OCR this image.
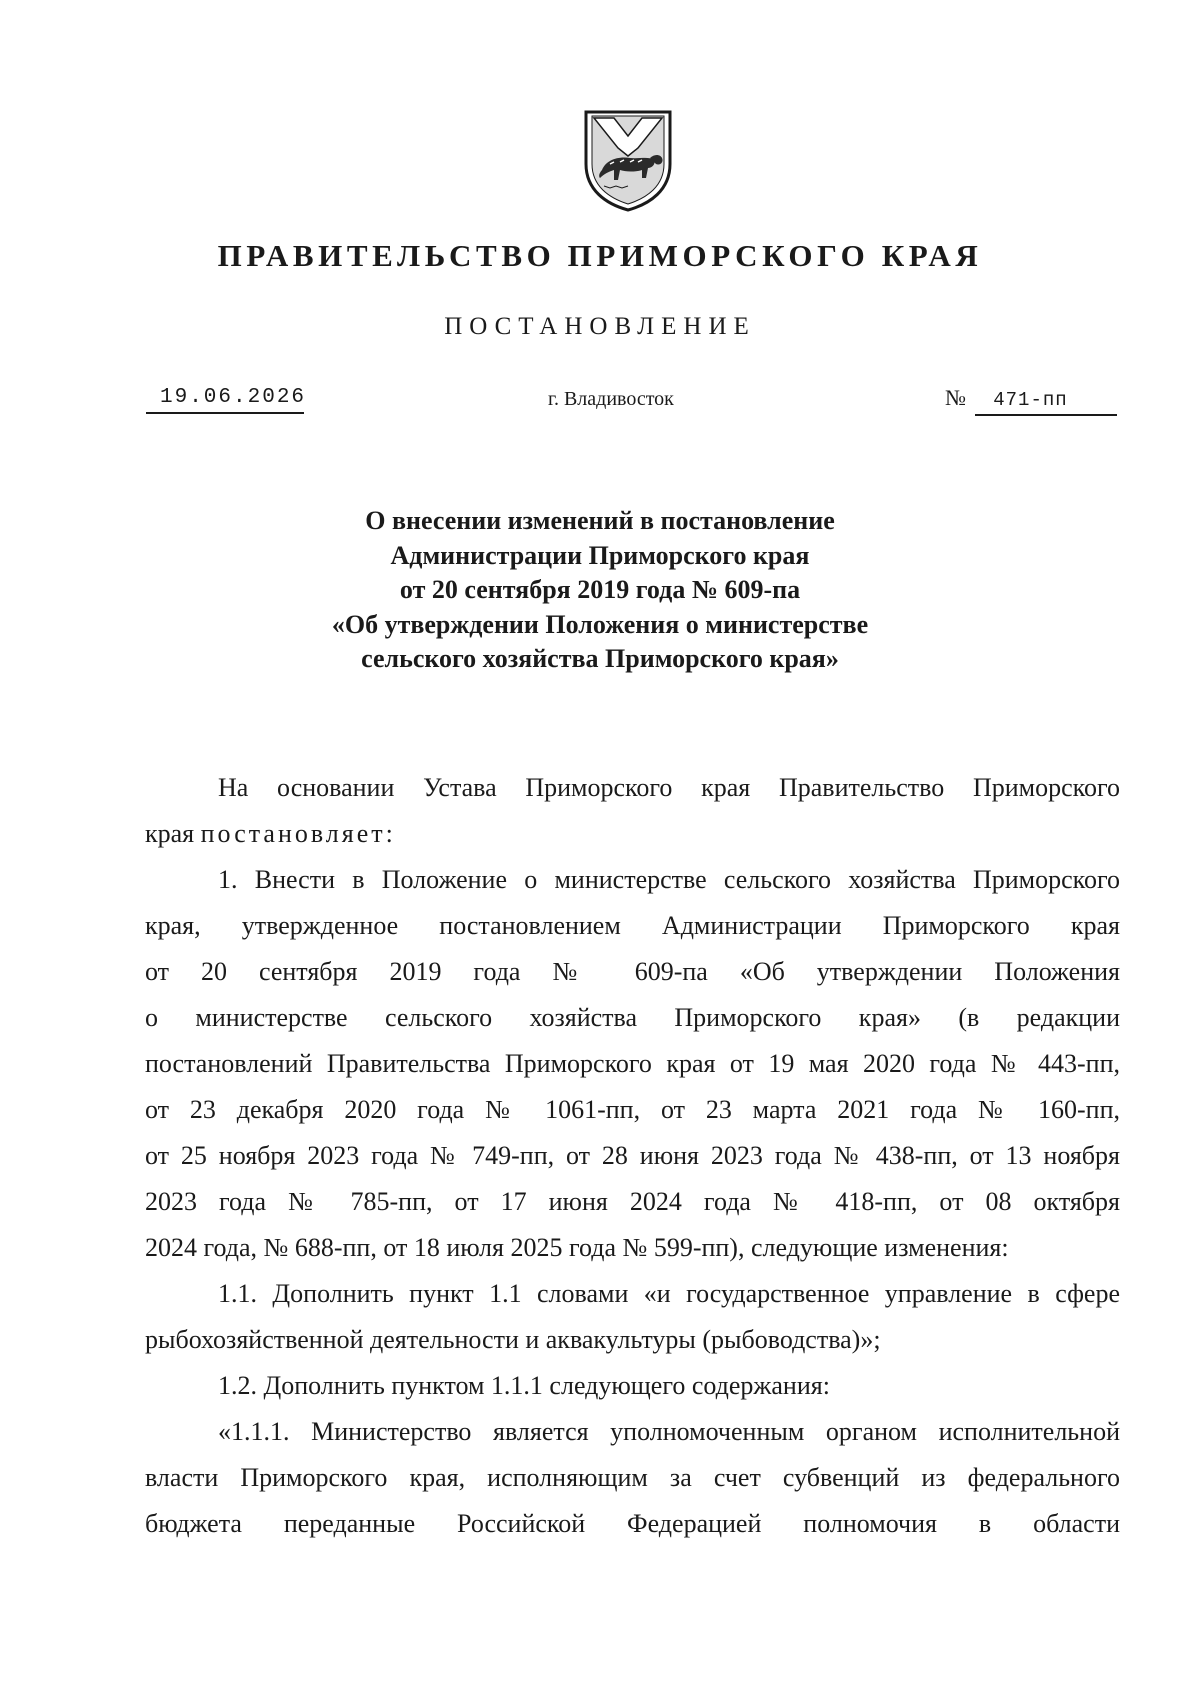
ПРАВИТЕЛЬСТВО ПРИМОРСКОГО КРАЯ
ПОСТАНОВЛЕНИЕ
19.06.2026	г. Владивосток	№ 471-пп
О внесении изменений в постановление
Администрации Приморского края
от 20 сентября 2019 года № 609-па
«Об утверждении Положения о министерстве
сельского хозяйства Приморского края»
На основании Устава Приморского края Правительство Приморского
края постановляет:
1. Внести в Положение о министерстве сельского хозяйства Приморского
края, утвержденное постановлением Администрации Приморского края
от 20 сентября 2019 года № 609-па «Об утверждении Положения
о министерстве сельского хозяйства Приморского края» (в редакции
постановлений Правительства Приморского края от 19 мая 2020 года № 443-пп,
от 23 декабря 2020 года № 1061-пп, от 23 марта 2021 года № 160-пп,
от 25 ноября 2023 года № 749-пп, от 28 июня 2023 года № 438-пп, от 13 ноября
2023 года № 785-пп, от 17 июня 2024 года № 418-пп, от 08 октября
2024 года, № 688-пп, от 18 июля 2025 года № 599-пп), следующие изменения:
1.1. Дополнить пункт 1.1 словами «и государственное управление в сфере
рыбохозяйственной деятельности и аквакультуры (рыбоводства)»;
1.2. Дополнить пунктом 1.1.1 следующего содержания:
«1.1.1. Министерство является уполномоченным органом исполнительной
власти Приморского края, исполняющим за счет субвенций из федерального
бюджета переданные Российской Федерацией полномочия в области
